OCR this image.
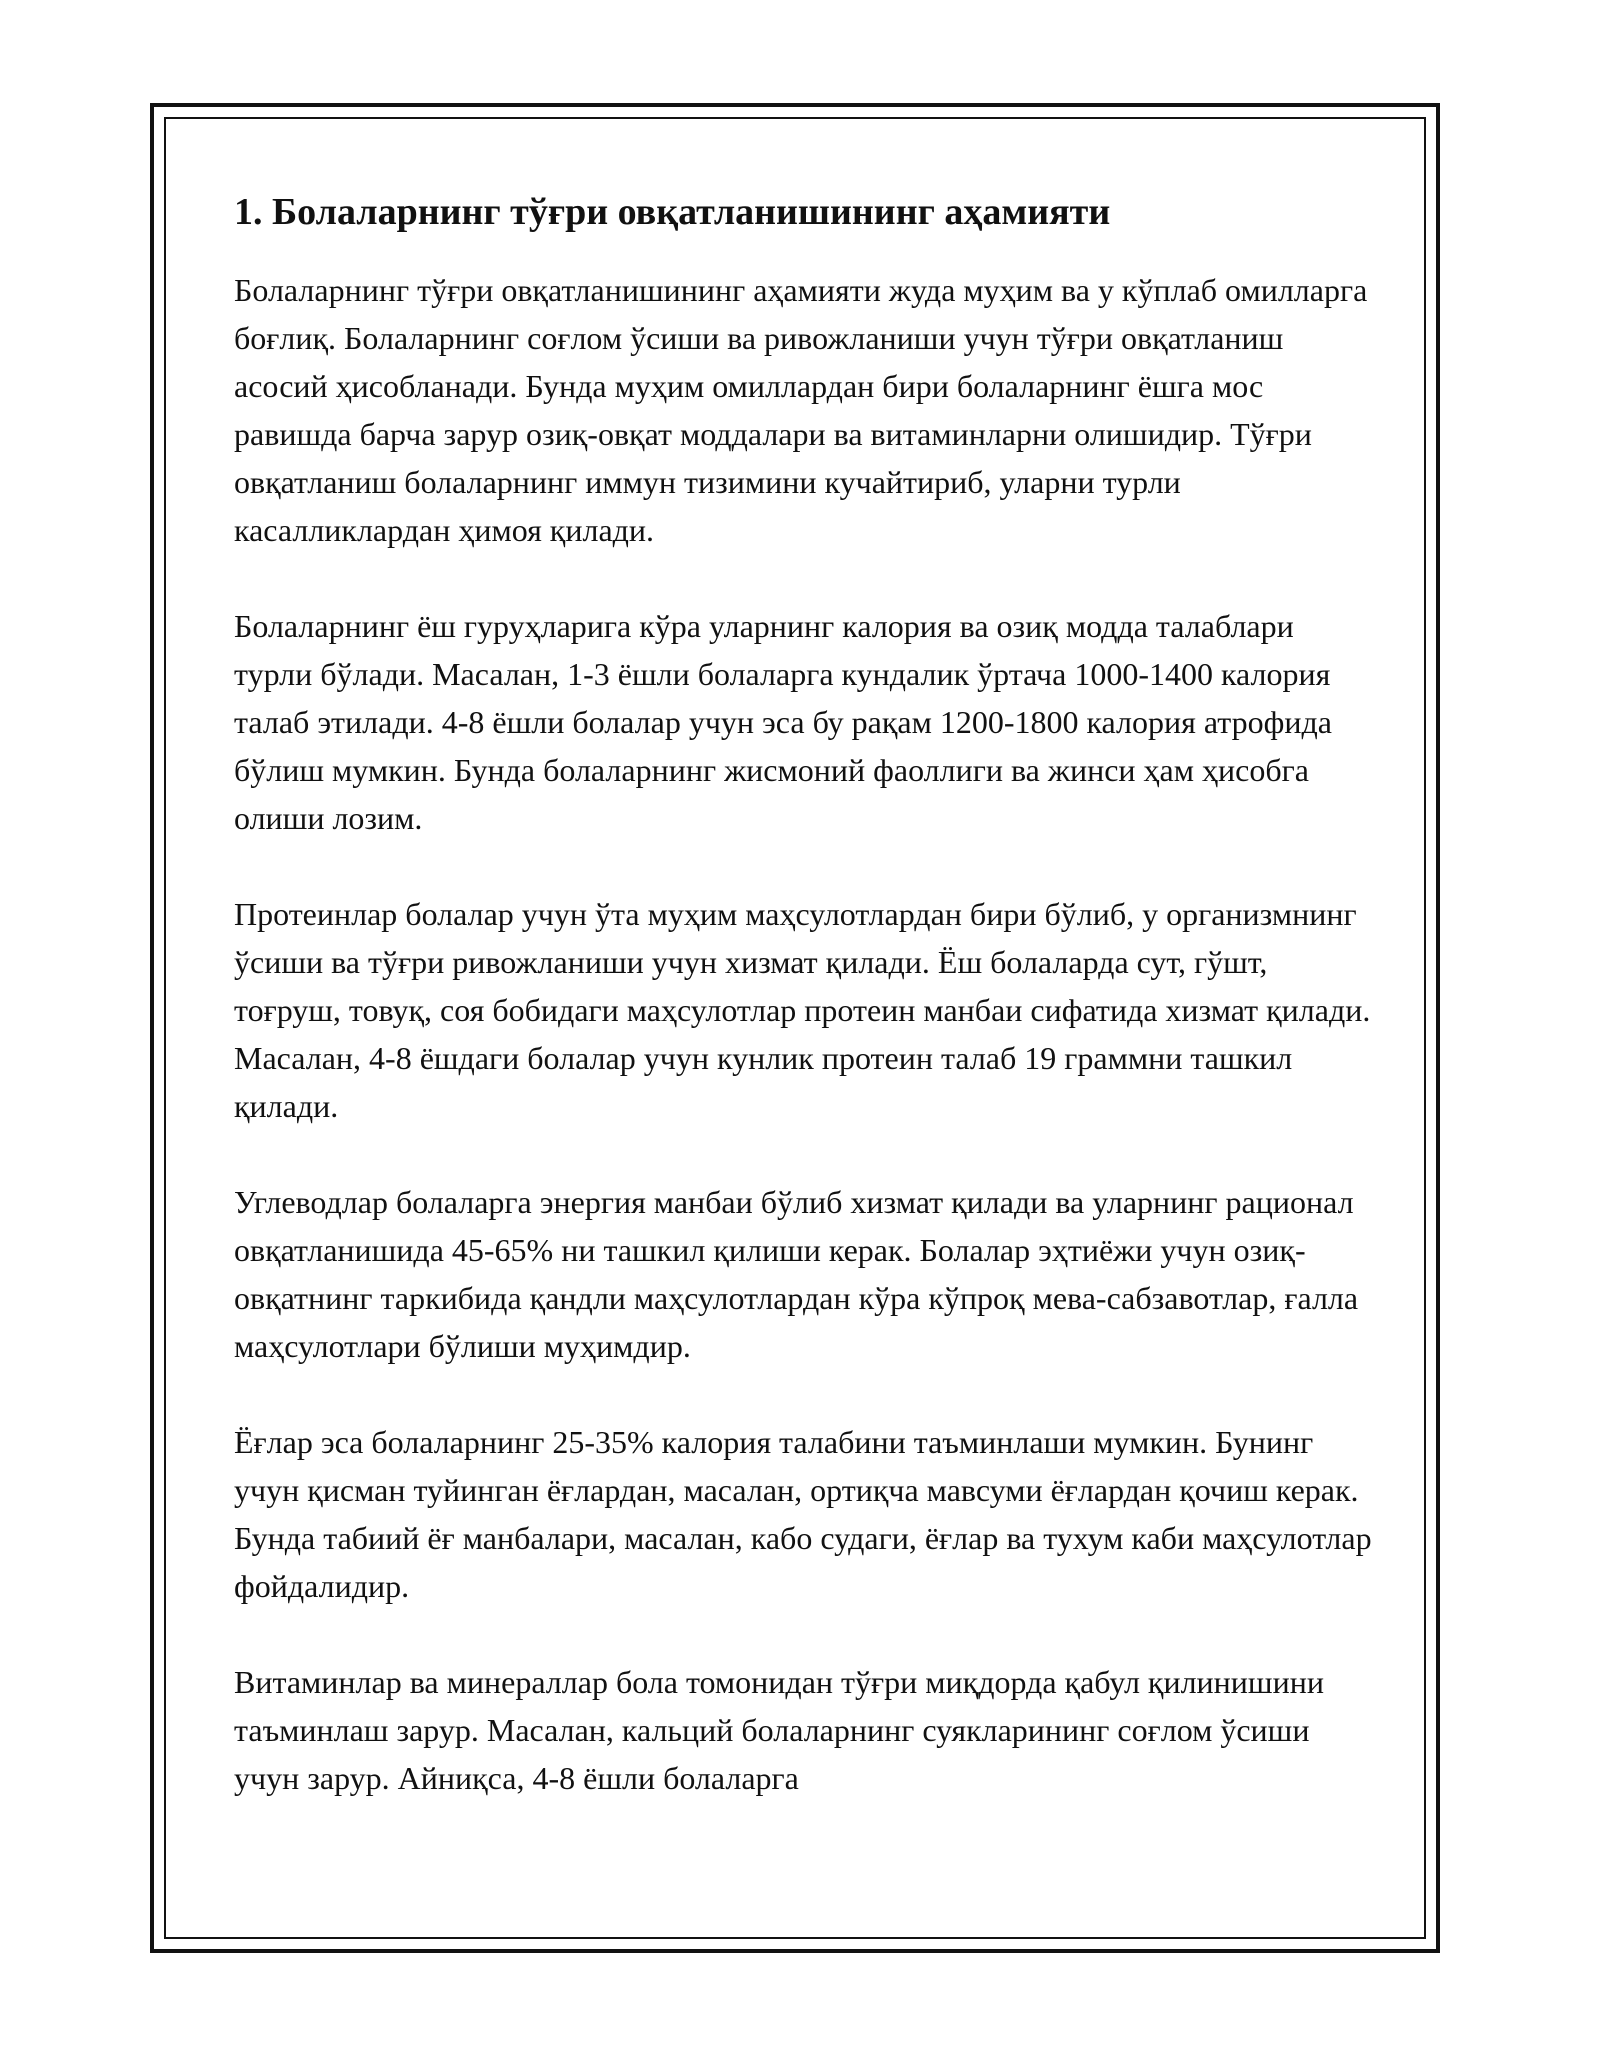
1. Болаларнинг тўғри овқатланишининг аҳамияти

Болаларнинг тўғри овқатланишининг аҳамияти жуда муҳим ва у кўплаб омилларга боғлиқ. Болаларнинг соғлом ўсиши ва ривожланиши учун тўғри овқатланиш асосий ҳисобланади. Бунда муҳим омиллардан бири болаларнинг ёшга мос равишда барча зарур озиқ-овқат моддалари ва витаминларни олишидир. Тўғри овқатланиш болаларнинг иммун тизимини кучайтириб, уларни турли касалликлардан ҳимоя қилади.

Болаларнинг ёш гуруҳларига кўра уларнинг калория ва озиқ модда талаблари турли бўлади. Масалан, 1-3 ёшли болаларга кундалик ўртача 1000-1400 калория талаб этилади. 4-8 ёшли болалар учун эса бу рақам 1200-1800 калория атрофида бўлиш мумкин. Бунда болаларнинг жисмоний фаоллиги ва жинси ҳам ҳисобга олиши лозим.

Протеинлар болалар учун ўта муҳим маҳсулотлардан бири бўлиб, у организмнинг ўсиши ва тўғри ривожланиши учун хизмат қилади. Ёш болаларда сут, гўшт, тоғруш, товуқ, соя бобидаги маҳсулотлар протеин манбаи сифатида хизмат қилади. Масалан, 4-8 ёшдаги болалар учун кунлик протеин талаб 19 граммни ташкил қилади.

Углеводлар болаларга энергия манбаи бўлиб хизмат қилади ва уларнинг рационал овқатланишида 45-65% ни ташкил қилиши керак. Болалар эҳтиёжи учун озиқ-овқатнинг таркибида қандли маҳсулотлардан кўра кўпроқ мева-сабзавотлар, ғалла маҳсулотлари бўлиши муҳимдир.

Ёғлар эса болаларнинг 25-35% калория талабини таъминлаши мумкин. Бунинг учун қисман туйинган ёғлардан, масалан, ортиқча мавсуми ёғлардан қочиш керак. Бунда табиий ёғ манбалари, масалан, кабо судаги, ёғлар ва тухум каби маҳсулотлар фойдалидир.

Витаминлар ва минераллар бола томонидан тўғри миқдорда қабул қилинишини таъминлаш зарур. Масалан, кальций болаларнинг суякларининг соғлом ўсиши учун зарур. Айниқса, 4-8 ёшли болаларга
